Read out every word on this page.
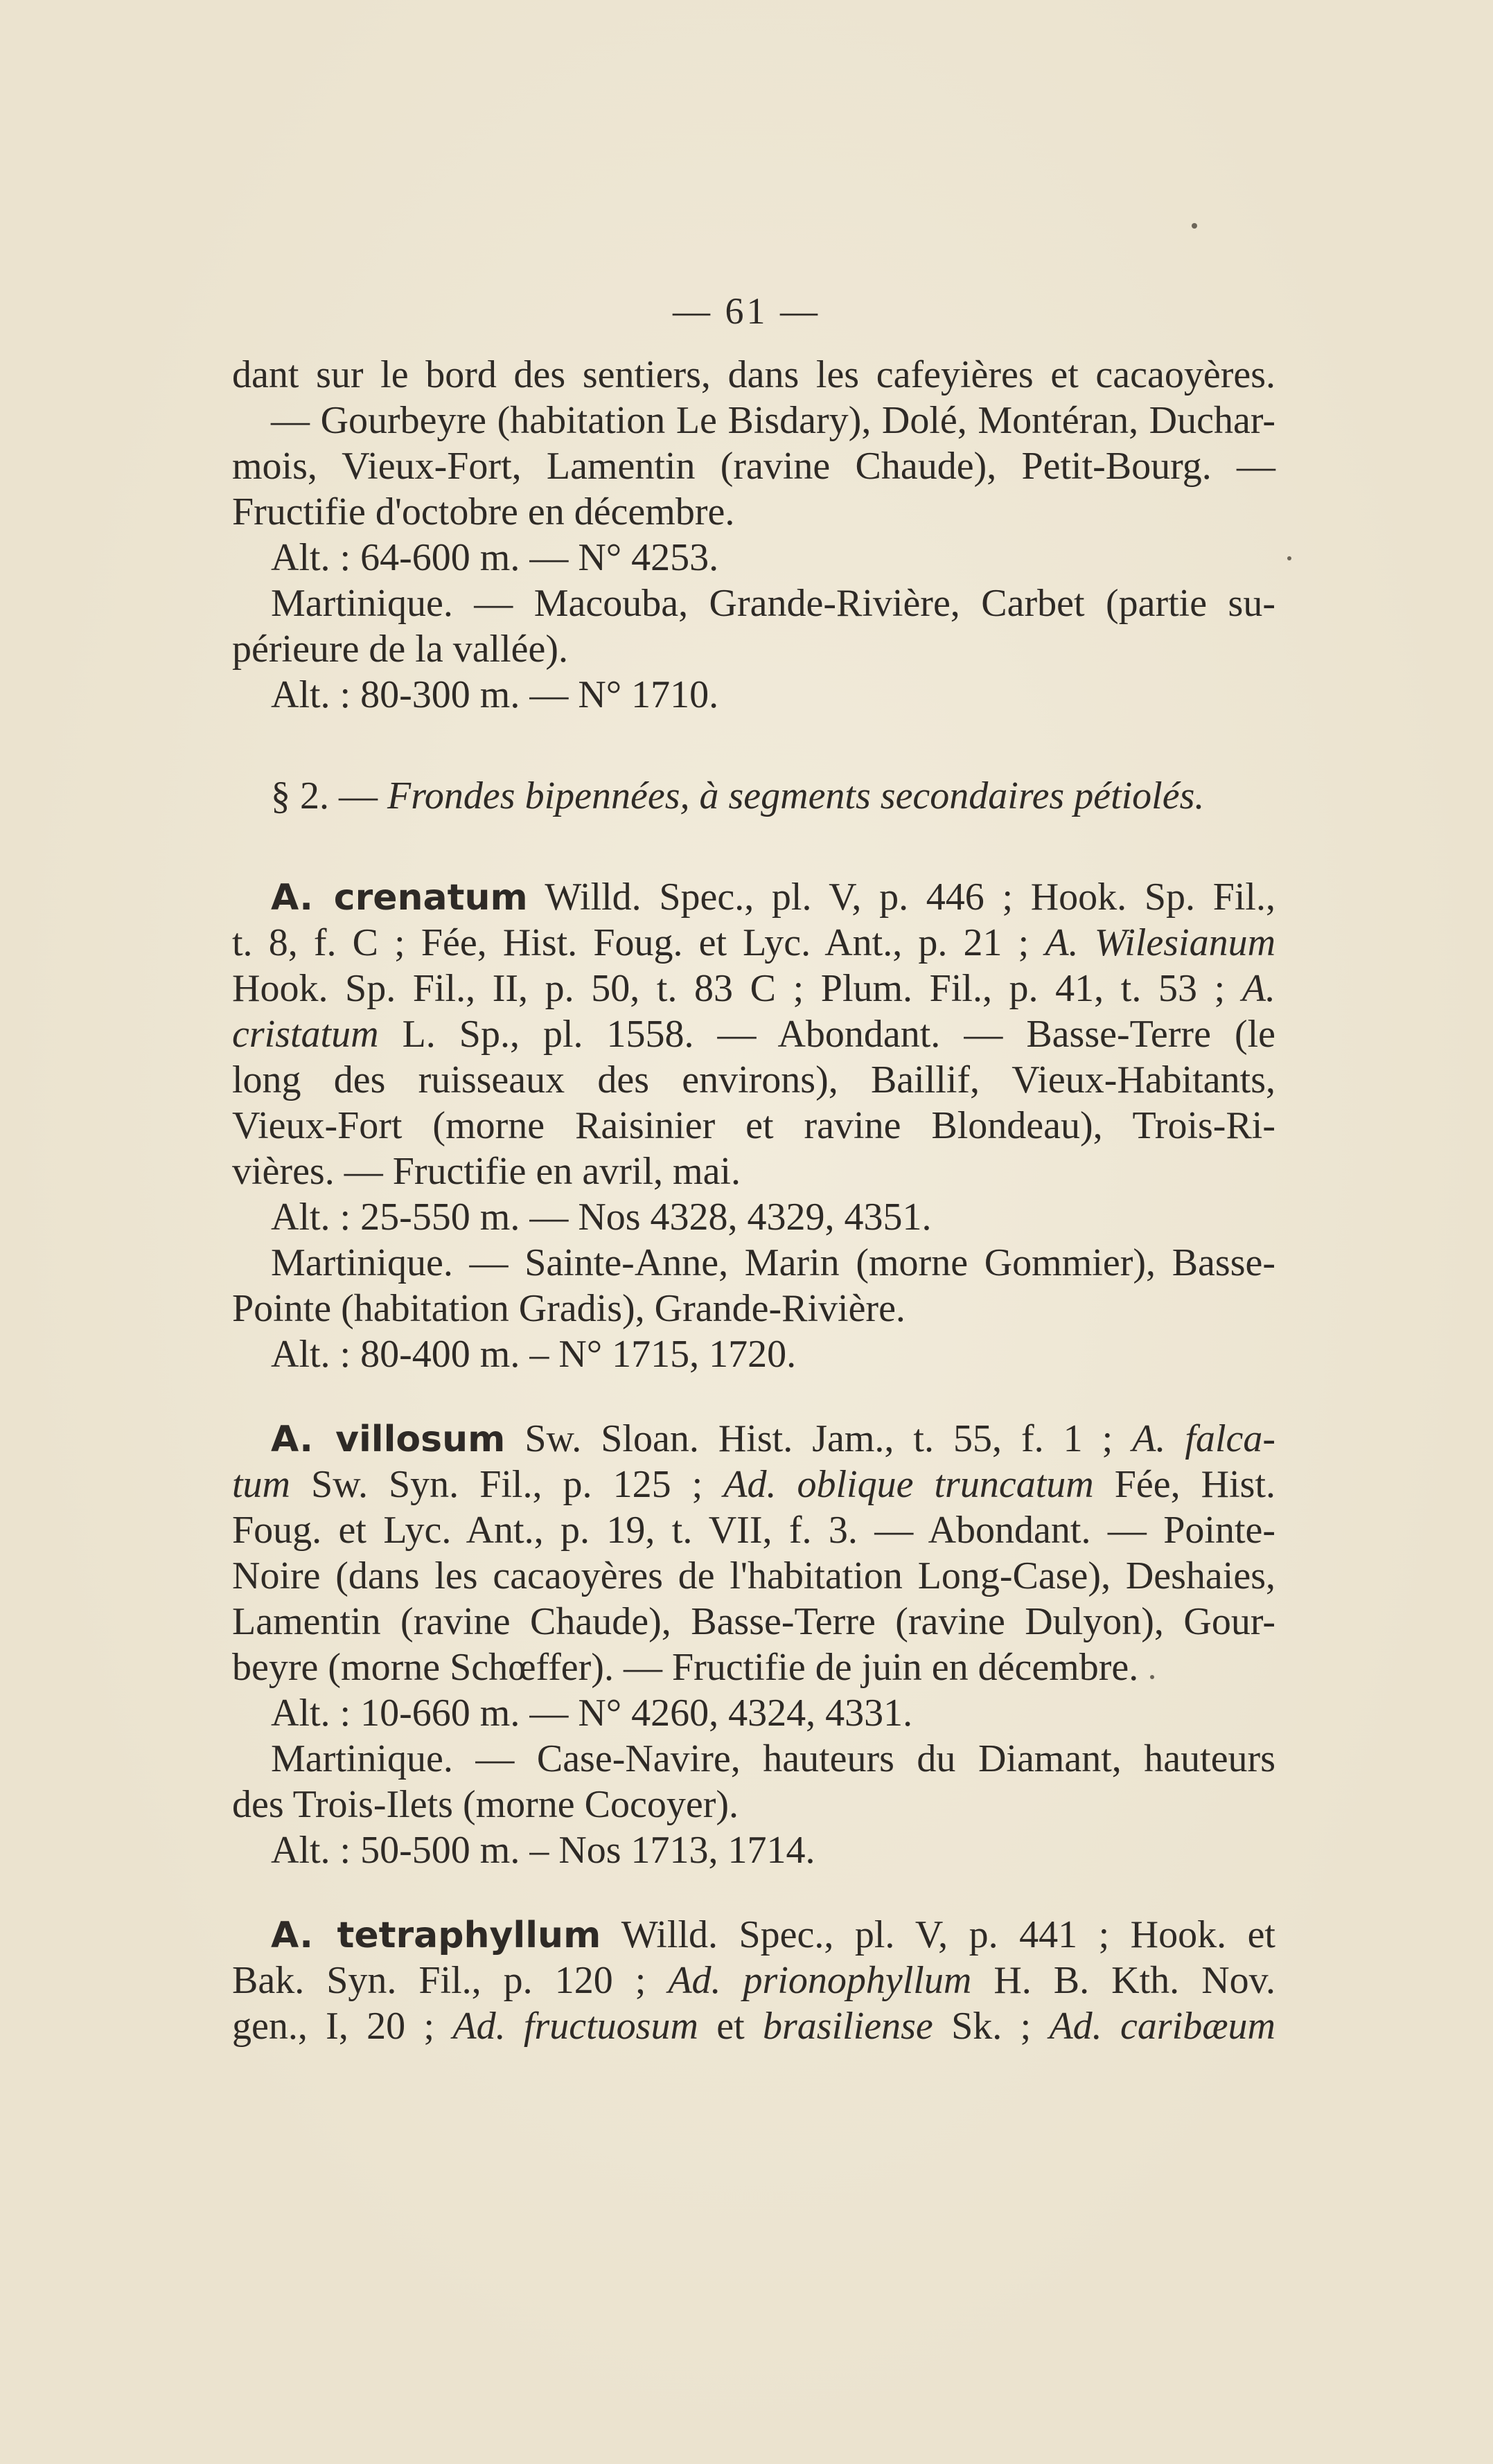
— 61 —
dant sur le bord des sentiers, dans les cafeyières et cacaoyères.
— Gourbeyre (habitation Le Bisdary), Dolé, Montéran, Duchar-
mois, Vieux-Fort, Lamentin (ravine Chaude), Petit-Bourg. —
Fructifie d'octobre en décembre.
Alt. : 64-600 m. — N° 4253.
Martinique. — Macouba, Grande-Rivière, Carbet (partie su-
périeure de la vallée).
Alt. : 80-300 m. — N° 1710.
§ 2. — Frondes bipennées, à segments secondaires pétiolés.
A. crenatum Willd. Spec., pl. V, p. 446 ; Hook. Sp. Fil.,
t. 8, f. C ; Fée, Hist. Foug. et Lyc. Ant., p. 21 ; A. Wilesianum
Hook. Sp. Fil., II, p. 50, t. 83 C ; Plum. Fil., p. 41, t. 53 ; A.
cristatum L. Sp., pl. 1558. — Abondant. — Basse-Terre (le
long des ruisseaux des environs), Baillif, Vieux-Habitants,
Vieux-Fort (morne Raisinier et ravine Blondeau), Trois-Ri-
vières. — Fructifie en avril, mai.
Alt. : 25-550 m. — Nos 4328, 4329, 4351.
Martinique. — Sainte-Anne, Marin (morne Gommier), Basse-
Pointe (habitation Gradis), Grande-Rivière.
Alt. : 80-400 m. – N° 1715, 1720.
A. villosum Sw. Sloan. Hist. Jam., t. 55, f. 1 ; A. falca-
tum Sw. Syn. Fil., p. 125 ; Ad. oblique truncatum Fée, Hist.
Foug. et Lyc. Ant., p. 19, t. VII, f. 3. — Abondant. — Pointe-
Noire (dans les cacaoyères de l'habitation Long-Case), Deshaies,
Lamentin (ravine Chaude), Basse-Terre (ravine Dulyon), Gour-
beyre (morne Schœffer). — Fructifie de juin en décembre.
Alt. : 10-660 m. — N° 4260, 4324, 4331.
Martinique. — Case-Navire, hauteurs du Diamant, hauteurs
des Trois-Ilets (morne Cocoyer).
Alt. : 50-500 m. – Nos 1713, 1714.
A. tetraphyllum Willd. Spec., pl. V, p. 441 ; Hook. et
Bak. Syn. Fil., p. 120 ; Ad. prionophyllum H. B. Kth. Nov.
gen., I, 20 ; Ad. fructuosum et brasiliense Sk. ; Ad. caribæum
